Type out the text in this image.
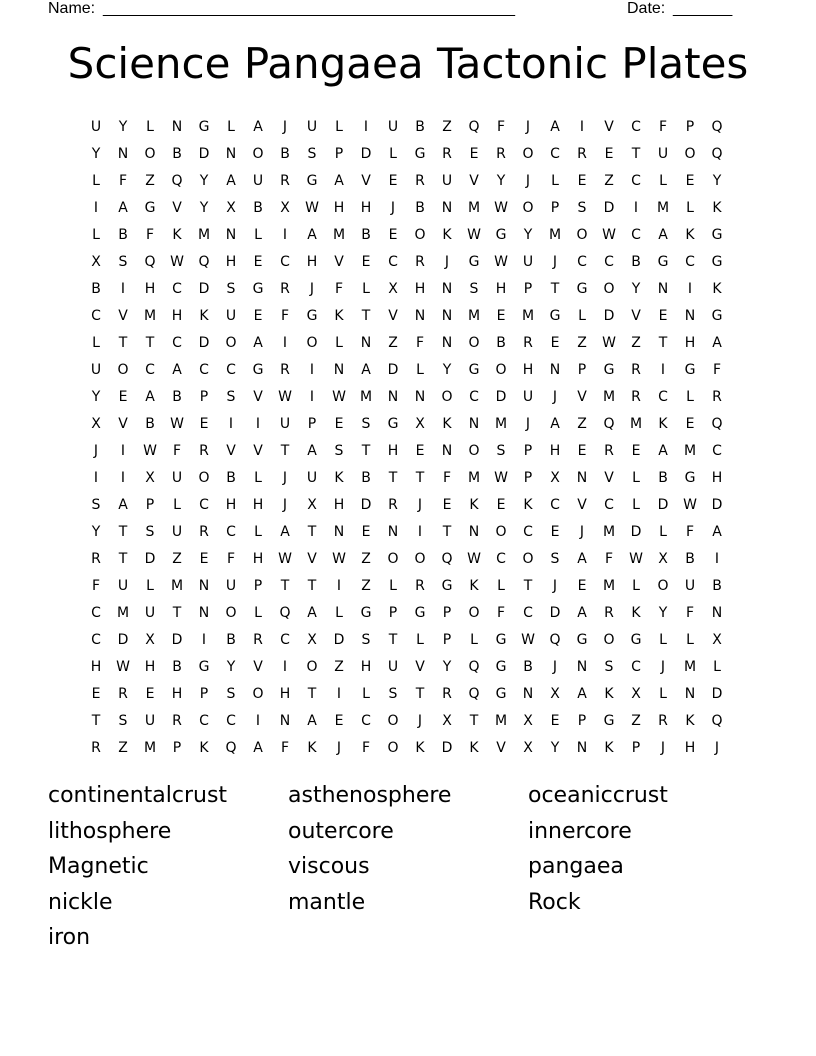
Name: _________________________________________________	Date: _______
Science Pangaea Tactonic Plates
U	Y	L	N	G	L	A	J	U	L	I	U	B	Z	Q	F	J	A	I	V	C	F	P	Q
Y	N	O	B	D	N	O	B	S	P	D	L	G	R	E	R	O	C	R	E	T	U	O	Q
L	F	Z	Q	Y	A	U	R	G	A	V	E	R	U	V	Y	J	L	E	Z	C	L	E	Y
I	A	G	V	Y	X	B	X	W	H	H	J	B	N	M	W	O	P	S	D	I	M	L	K
L	B	F	K	M	N	L	I	A	M	B	E	O	K	W	G	Y	M	O	W	C	A	K	G
X	S	Q	W	Q	H	E	C	H	V	E	C	R	J	G	W	U	J	C	C	B	G	C	G
B	I	H	C	D	S	G	R	J	F	L	X	H	N	S	H	P	T	G	O	Y	N	I	K
C	V	M	H	K	U	E	F	G	K	T	V	N	N	M	E	M	G	L	D	V	E	N	G
L	T	T	C	D	O	A	I	O	L	N	Z	F	N	O	B	R	E	Z	W	Z	T	H	A
U	O	C	A	C	C	G	R	I	N	A	D	L	Y	G	O	H	N	P	G	R	I	G	F
Y	E	A	B	P	S	V	W	I	W	M	N	N	O	C	D	U	J	V	M	R	C	L	R
X	V	B	W	E	I	I	U	P	E	S	G	X	K	N	M	J	A	Z	Q	M	K	E	Q
J	I	W	F	R	V	V	T	A	S	T	H	E	N	O	S	P	H	E	R	E	A	M	C
I	I	X	U	O	B	L	J	U	K	B	T	T	F	M	W	P	X	N	V	L	B	G	H
S	A	P	L	C	H	H	J	X	H	D	R	J	E	K	E	K	C	V	C	L	D	W	D
Y	T	S	U	R	C	L	A	T	N	E	N	I	T	N	O	C	E	J	M	D	L	F	A
R	T	D	Z	E	F	H	W	V	W	Z	O	O	Q	W	C	O	S	A	F	W	X	B	I
F	U	L	M	N	U	P	T	T	I	Z	L	R	G	K	L	T	J	E	M	L	O	U	B
C	M	U	T	N	O	L	Q	A	L	G	P	G	P	O	F	C	D	A	R	K	Y	F	N
C	D	X	D	I	B	R	C	X	D	S	T	L	P	L	G	W	Q	G	O	G	L	L	X
H	W	H	B	G	Y	V	I	O	Z	H	U	V	Y	Q	G	B	J	N	S	C	J	M	L
E	R	E	H	P	S	O	H	T	I	L	S	T	R	Q	G	N	X	A	K	X	L	N	D
T	S	U	R	C	C	I	N	A	E	C	O	J	X	T	M	X	E	P	G	Z	R	K	Q
R	Z	M	P	K	Q	A	F	K	J	F	O	K	D	K	V	X	Y	N	K	P	J	H	J
continentalcrust	asthenosphere	oceaniccrust
lithosphere	outercore	innercore
Magnetic	viscous	pangaea
nickle	mantle	Rock
iron
